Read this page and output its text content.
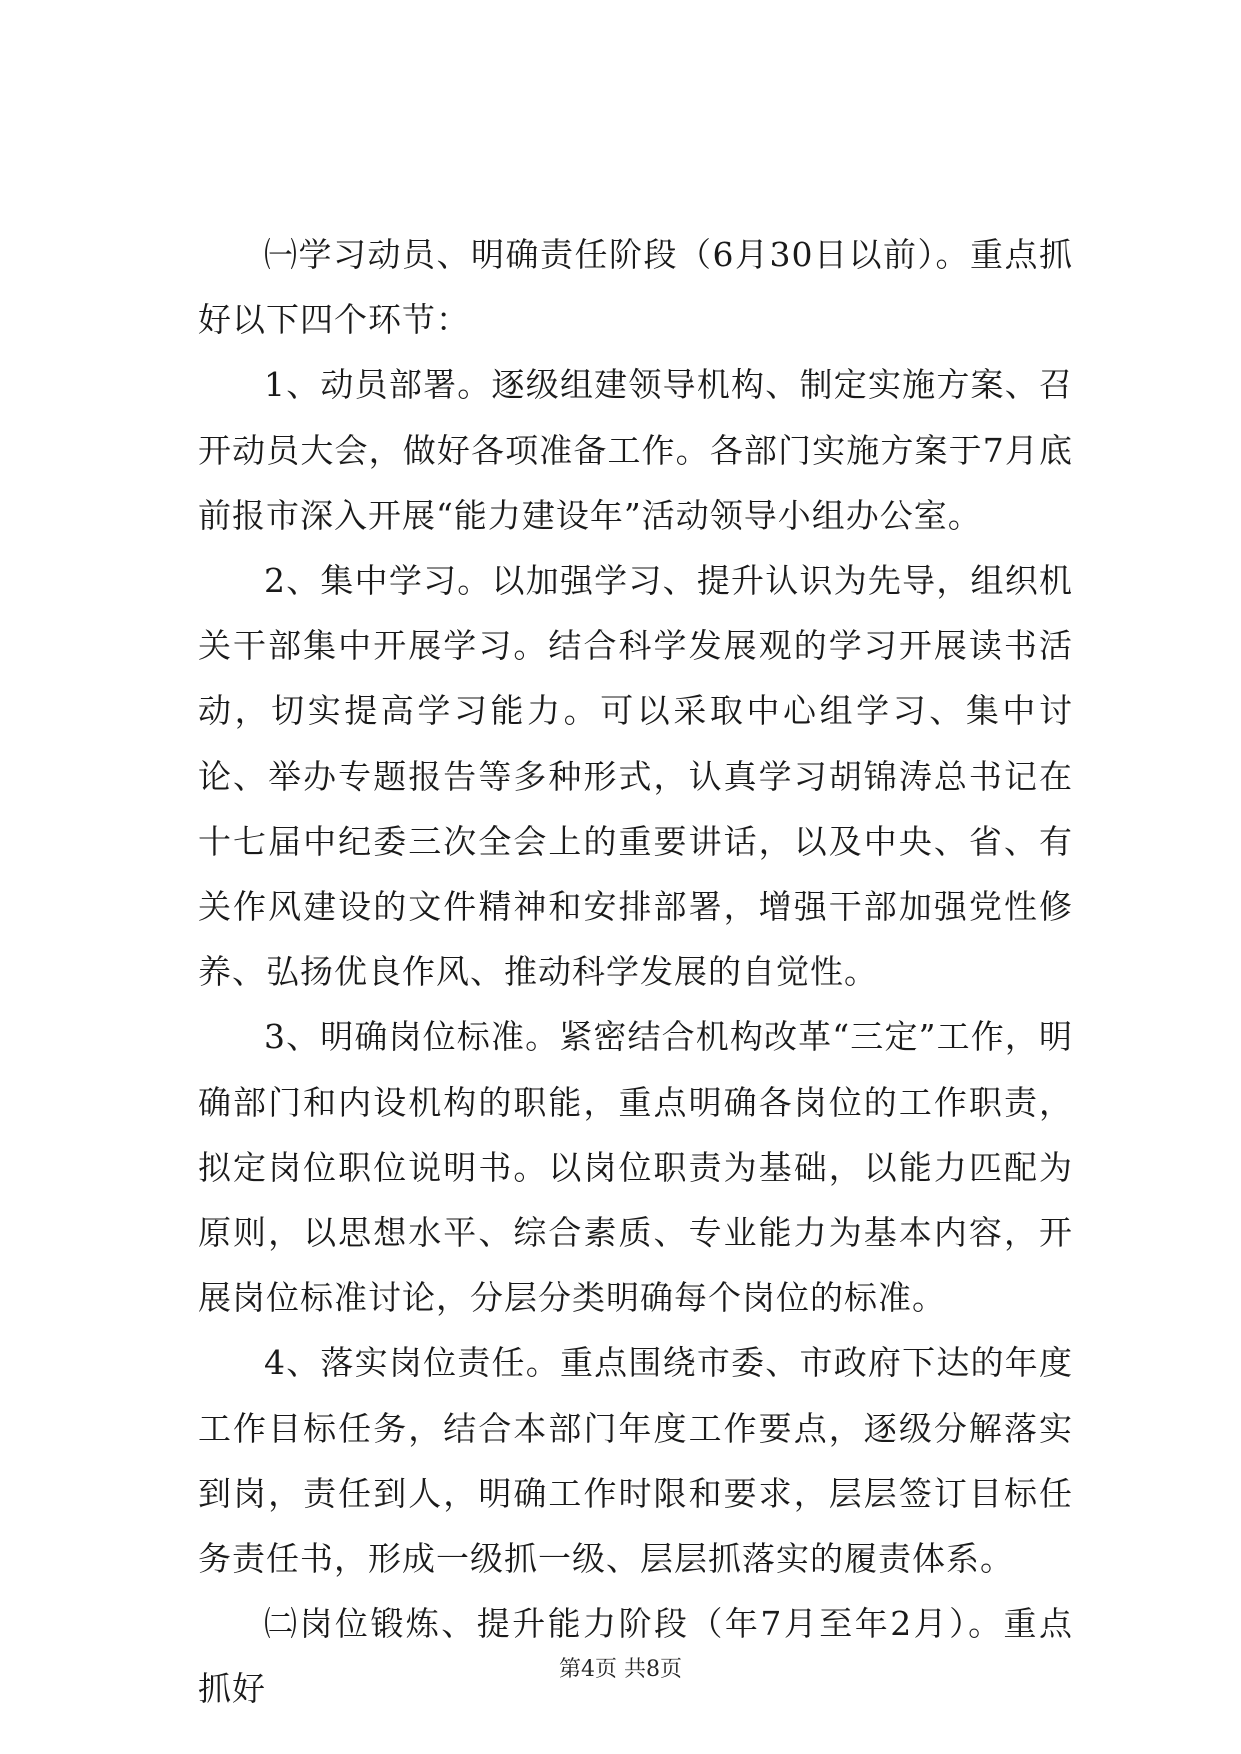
㈠学习动员、明确责任阶段（6月30日以前）。重点抓好以下四个环节：

1、动员部署。逐级组建领导机构、制定实施方案、召开动员大会，做好各项准备工作。各部门实施方案于7月底前报市深入开展“能力建设年”活动领导小组办公室。

2、集中学习。以加强学习、提升认识为先导，组织机关干部集中开展学习。结合科学发展观的学习开展读书活动，切实提高学习能力。可以采取中心组学习、集中讨论、举办专题报告等多种形式，认真学习胡锦涛总书记在十七届中纪委三次全会上的重要讲话，以及中央、省、有关作风建设的文件精神和安排部署，增强干部加强党性修养、弘扬优良作风、推动科学发展的自觉性。

3、明确岗位标准。紧密结合机构改革“三定”工作，明确部门和内设机构的职能，重点明确各岗位的工作职责，拟定岗位职位说明书。以岗位职责为基础，以能力匹配为原则，以思想水平、综合素质、专业能力为基本内容，开展岗位标准讨论，分层分类明确每个岗位的标准。

4、落实岗位责任。重点围绕市委、市政府下达的年度工作目标任务，结合本部门年度工作要点，逐级分解落实到岗，责任到人，明确工作时限和要求，层层签订目标任务责任书，形成一级抓一级、层层抓落实的履责体系。

㈡岗位锻炼、提升能力阶段（年7月至年2月）。重点抓好	第4页 共8页
